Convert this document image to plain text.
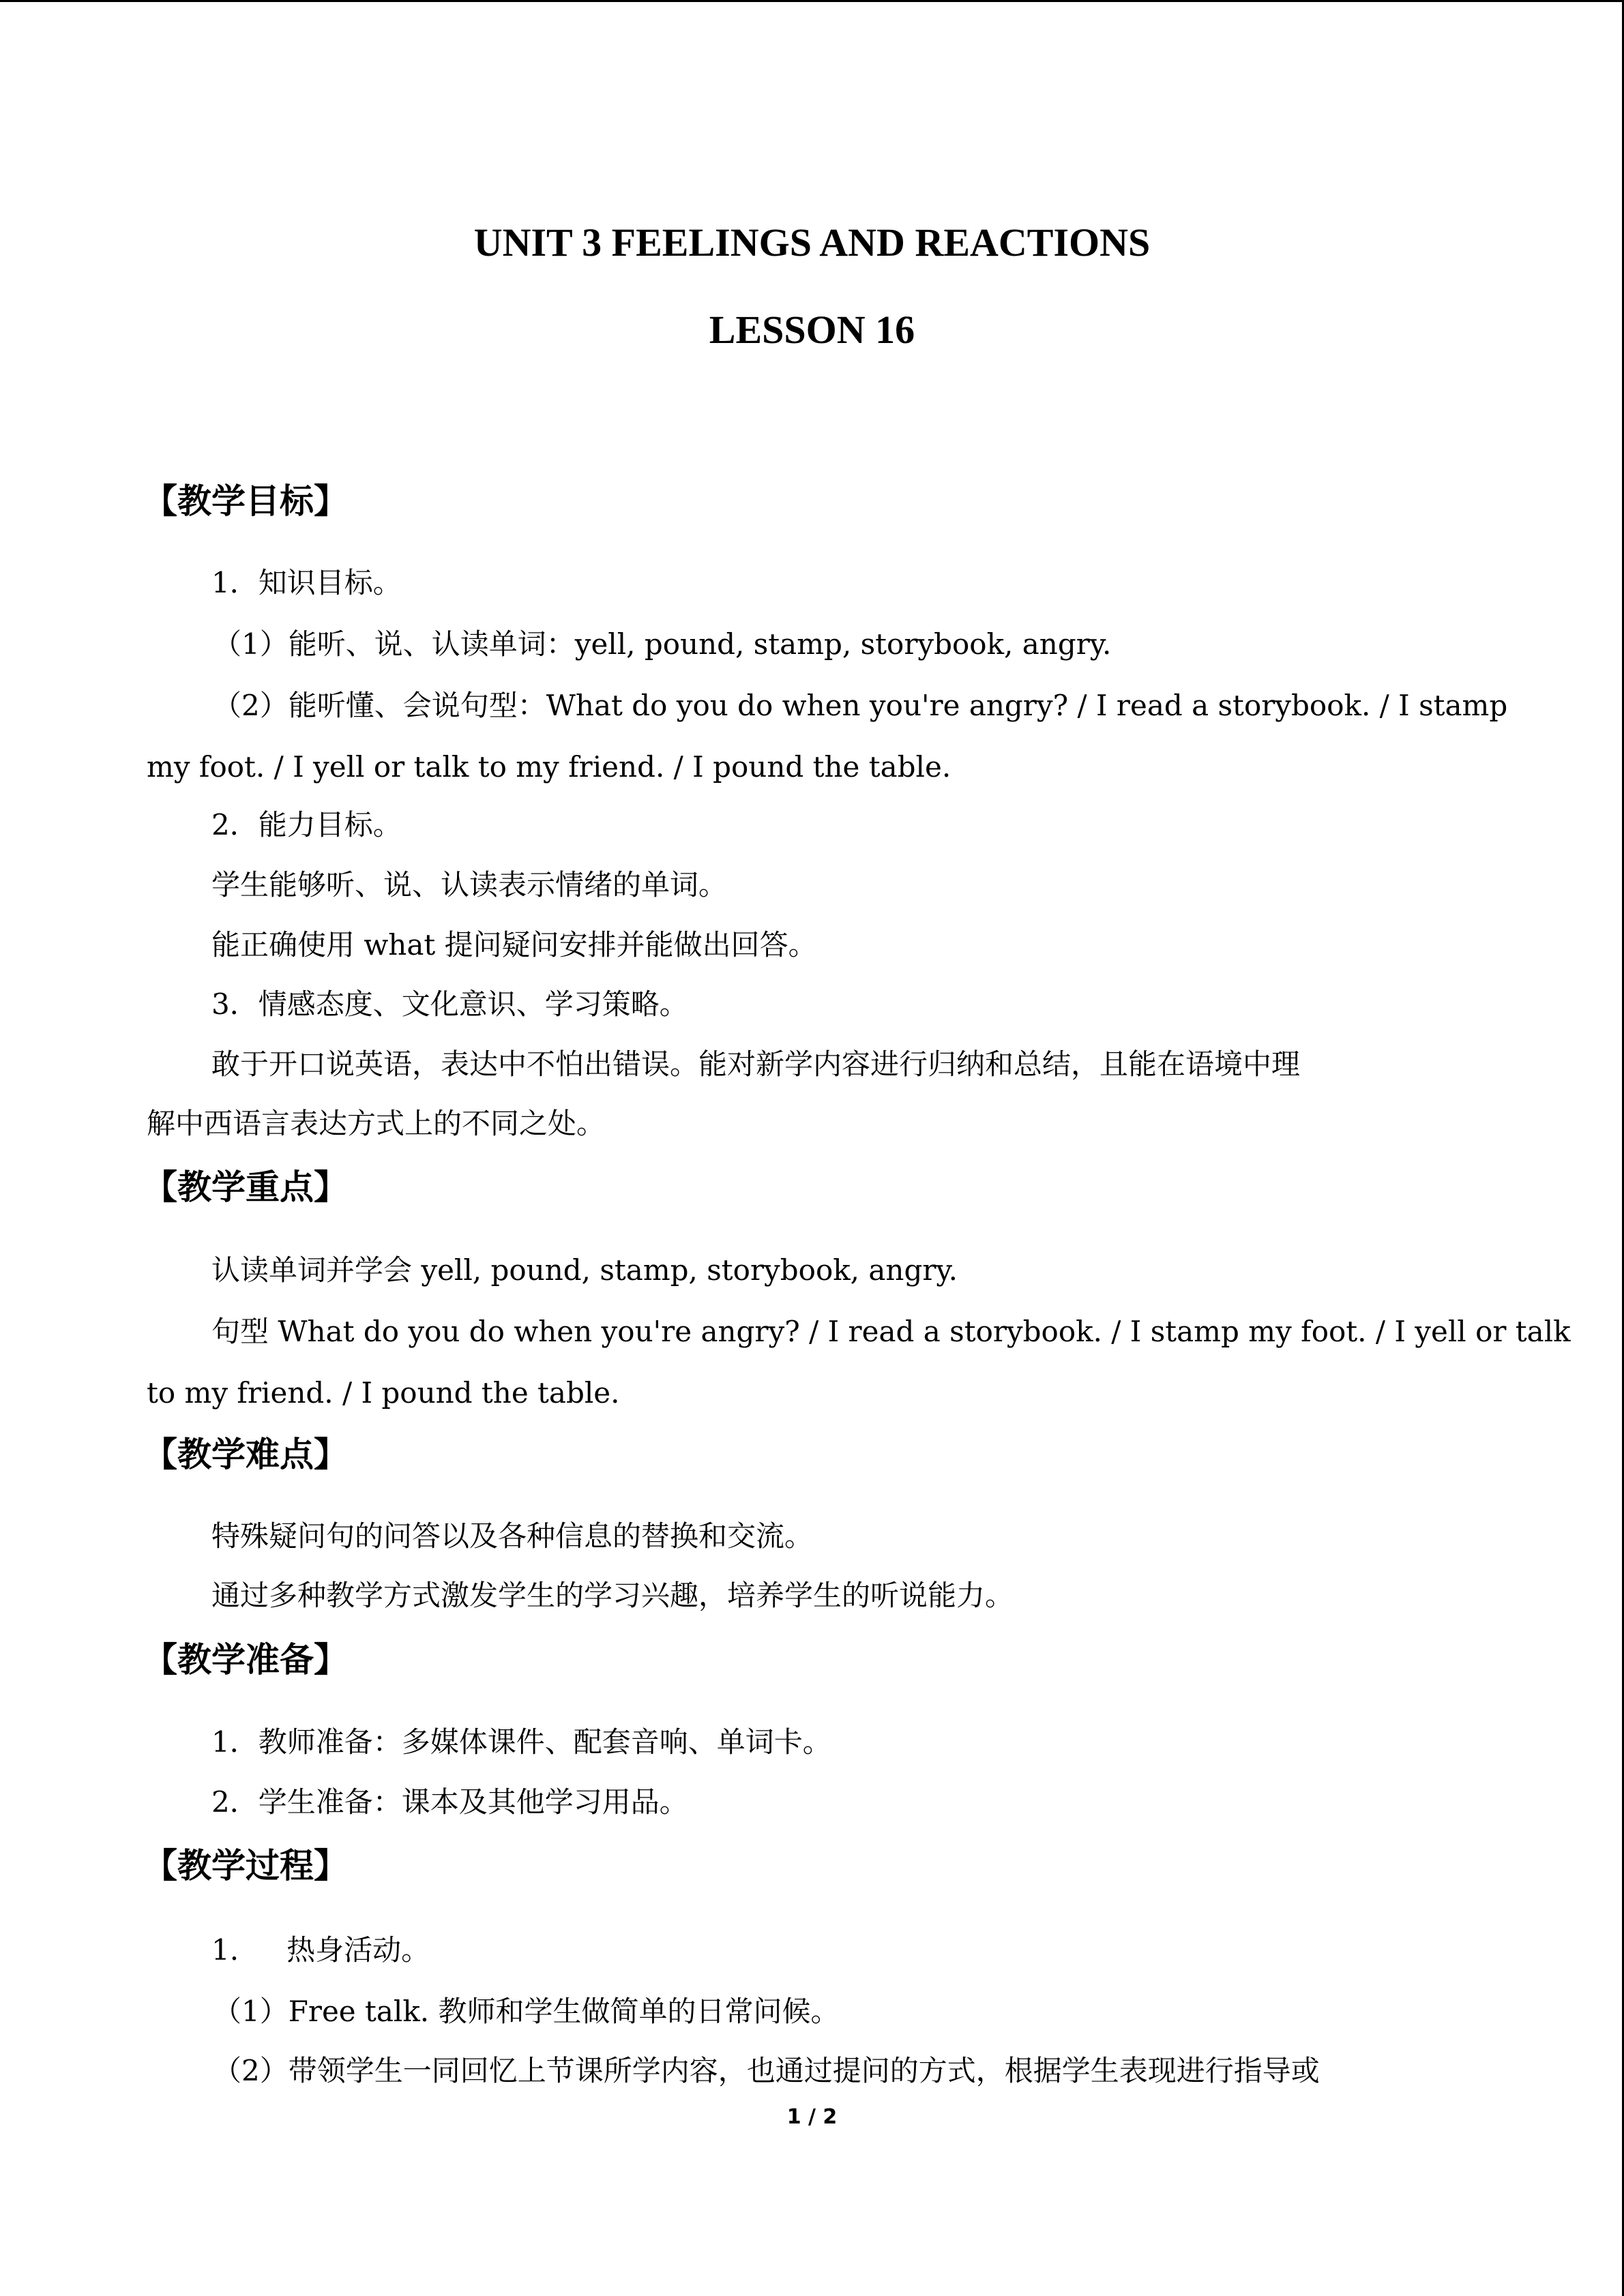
UNIT 3 FEELINGS AND REACTIONS
LESSON 16
【教学目标】
1．知识目标。
（1）能听、说、认读单词：yell, pound, stamp, storybook, angry.
（2）能听懂、会说句型：What do you do when you're angry? / I read a storybook. / I stamp
my foot. / I yell or talk to my friend. / I pound the table.
2．能力目标。
学生能够听、说、认读表示情绪的单词。
能正确使用 what 提问疑问安排并能做出回答。
3．情感态度、文化意识、学习策略。
敢于开口说英语，表达中不怕出错误。能对新学内容进行归纳和总结，且能在语境中理
解中西语言表达方式上的不同之处。
【教学重点】
认读单词并学会 yell, pound, stamp, storybook, angry.
句型 What do you do when you're angry? / I read a storybook. / I stamp my foot. / I yell or talk
to my friend. / I pound the table.
【教学难点】
特殊疑问句的问答以及各种信息的替换和交流。
通过多种教学方式激发学生的学习兴趣，培养学生的听说能力。
【教学准备】
1．教师准备：多媒体课件、配套音响、单词卡。
2．学生准备：课本及其他学习用品。
【教学过程】
1. 热身活动。
（1）Free talk. 教师和学生做简单的日常问候。
（2）带领学生一同回忆上节课所学内容，也通过提问的方式，根据学生表现进行指导或
1 / 2
